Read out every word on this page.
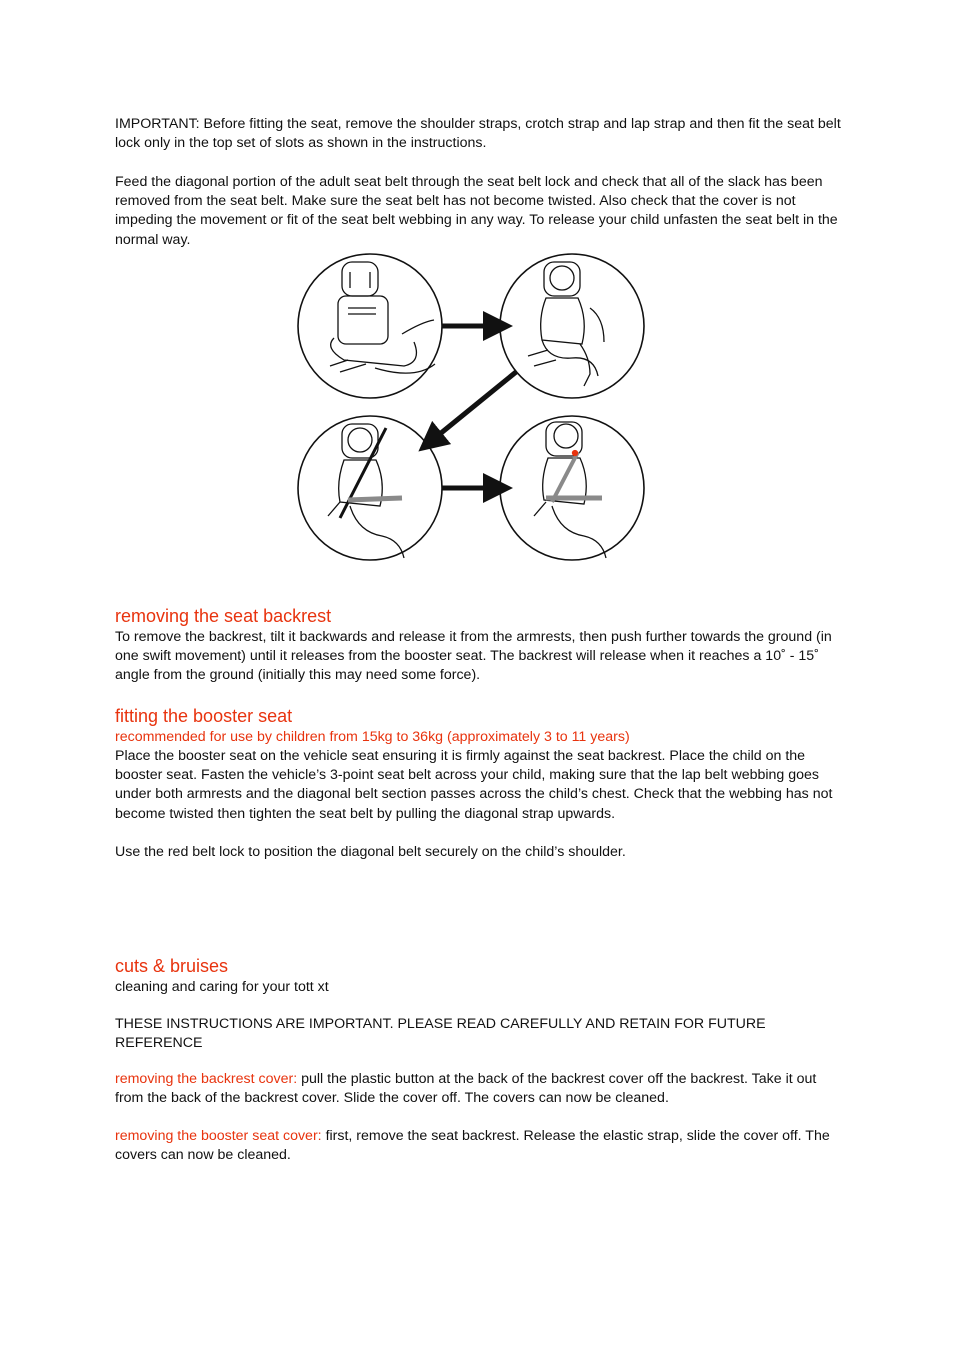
IMPORTANT: Before fitting the seat, remove the shoulder straps, crotch strap and lap strap and then fit the seat belt lock only in the top set of slots as shown in the instructions.

Feed the diagonal portion of the adult seat belt through the seat belt lock and check that all of the slack has been removed from the seat belt. Make sure the seat belt has not become twisted. Also check that the cover is not impeding the movement or fit of the seat belt webbing in any way. To release your child unfasten the seat belt in the normal way.

removing the seat backrest

To remove the backrest, tilt it backwards and release it from the armrests, then push further towards the ground (in one swift movement) until it releases from the booster seat. The backrest will release when it reaches a 10˚ - 15˚ angle from the ground (initially this may need some force).

fitting the booster seat

recommended for use by children from 15kg to 36kg (approximately 3 to 11 years)

Place the booster seat on the vehicle seat ensuring it is firmly against the seat backrest. Place the child on the booster seat. Fasten the vehicle’s 3-point seat belt across your child, making sure that the lap belt webbing goes under both armrests and the diagonal belt section passes across the child’s chest. Check that the webbing has not become twisted then tighten the seat belt by pulling the diagonal strap upwards.

Use the red belt lock to position the diagonal belt securely on the child’s shoulder.

cuts & bruises

cleaning and caring for your tott xt

THESE INSTRUCTIONS ARE IMPORTANT. PLEASE READ CAREFULLY AND RETAIN FOR FUTURE REFERENCE

removing the backrest cover: pull the plastic button at the back of the backrest cover off the backrest. Take it out from the back of the backrest cover. Slide the cover off. The covers can now be cleaned.

removing the booster seat cover: first, remove the seat backrest. Release the elastic strap, slide the cover off. The covers can now be cleaned.
